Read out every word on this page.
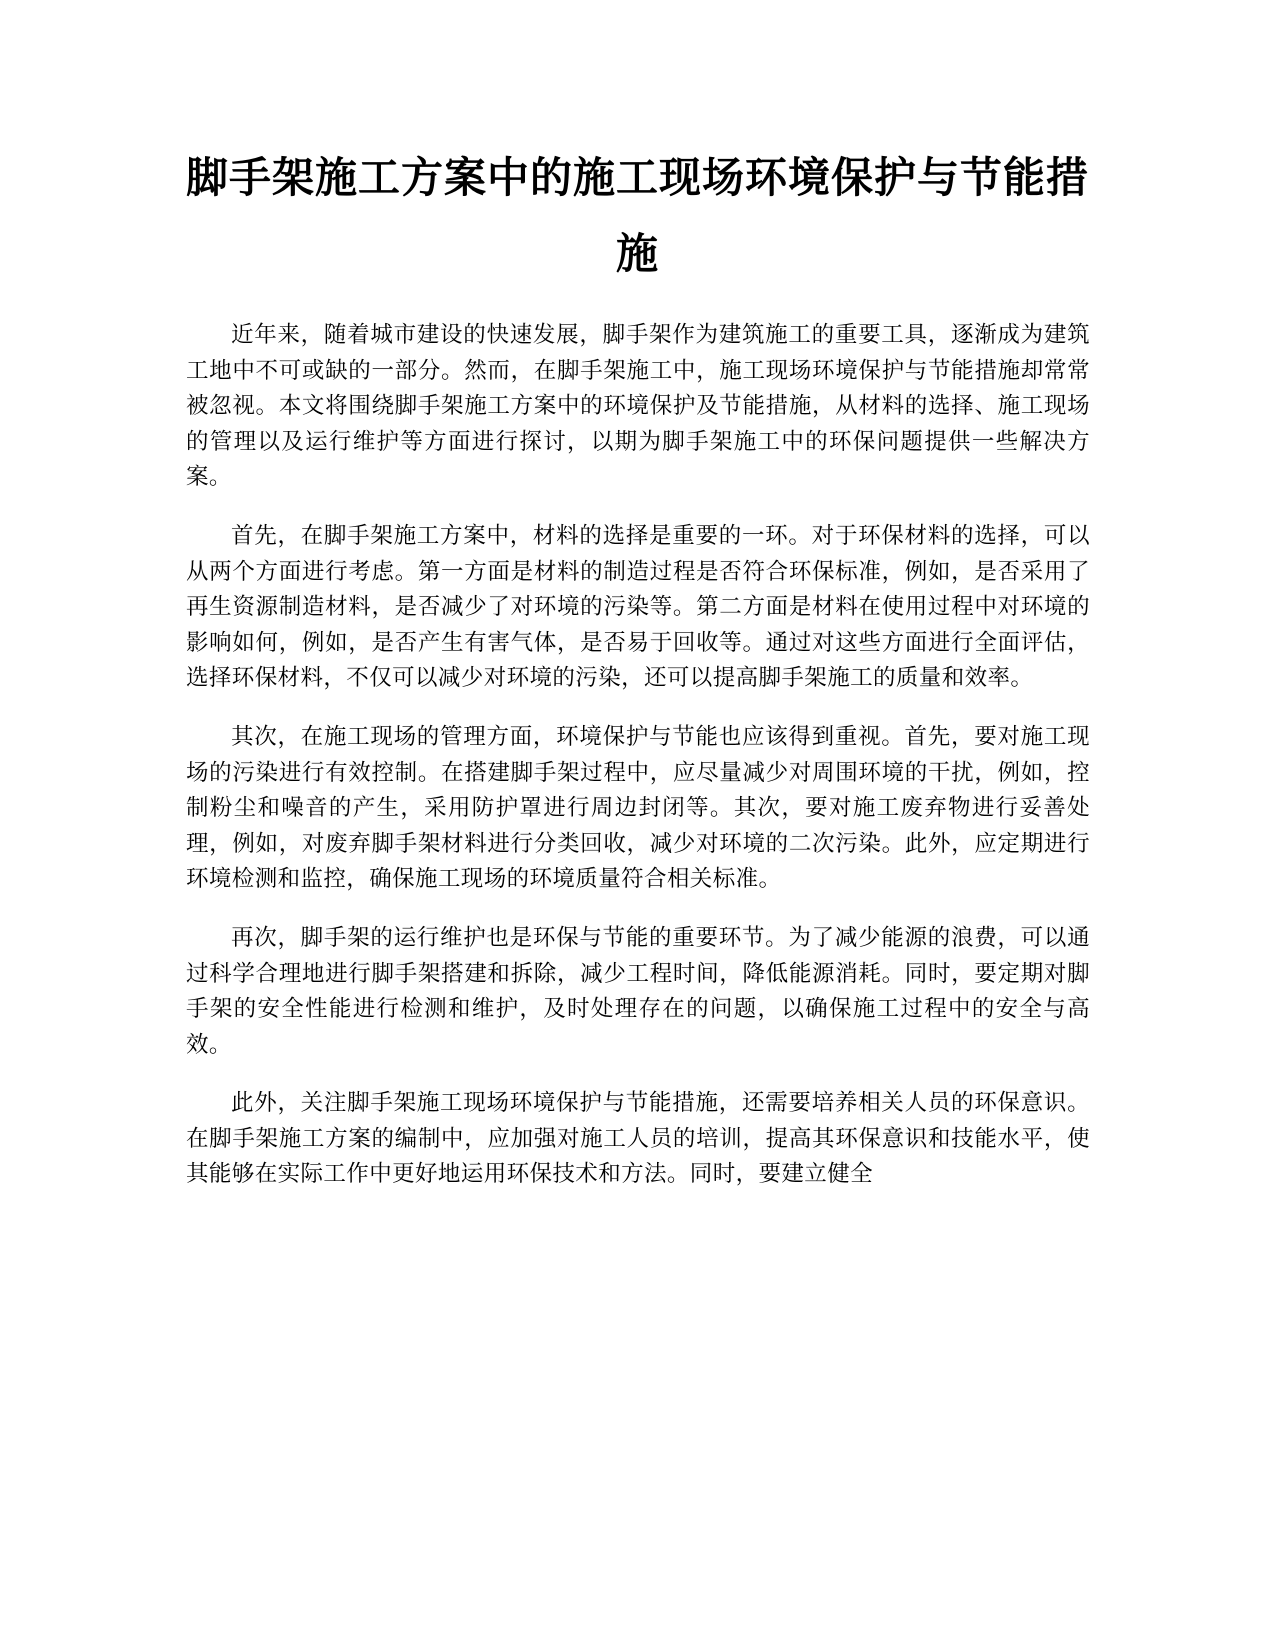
脚手架施工方案中的施工现场环境保护与节能措施

近年来，随着城市建设的快速发展，脚手架作为建筑施工的重要工具，逐渐成为建筑工地中不可或缺的一部分。然而，在脚手架施工中，施工现场环境保护与节能措施却常常被忽视。本文将围绕脚手架施工方案中的环境保护及节能措施，从材料的选择、施工现场的管理以及运行维护等方面进行探讨，以期为脚手架施工中的环保问题提供一些解决方案。

首先，在脚手架施工方案中，材料的选择是重要的一环。对于环保材料的选择，可以从两个方面进行考虑。第一方面是材料的制造过程是否符合环保标准，例如，是否采用了再生资源制造材料，是否减少了对环境的污染等。第二方面是材料在使用过程中对环境的影响如何，例如，是否产生有害气体，是否易于回收等。通过对这些方面进行全面评估，选择环保材料，不仅可以减少对环境的污染，还可以提高脚手架施工的质量和效率。

其次，在施工现场的管理方面，环境保护与节能也应该得到重视。首先，要对施工现场的污染进行有效控制。在搭建脚手架过程中，应尽量减少对周围环境的干扰，例如，控制粉尘和噪音的产生，采用防护罩进行周边封闭等。其次，要对施工废弃物进行妥善处理，例如，对废弃脚手架材料进行分类回收，减少对环境的二次污染。此外，应定期进行环境检测和监控，确保施工现场的环境质量符合相关标准。

再次，脚手架的运行维护也是环保与节能的重要环节。为了减少能源的浪费，可以通过科学合理地进行脚手架搭建和拆除，减少工程时间，降低能源消耗。同时，要定期对脚手架的安全性能进行检测和维护，及时处理存在的问题，以确保施工过程中的安全与高效。

此外，关注脚手架施工现场环境保护与节能措施，还需要培养相关人员的环保意识。在脚手架施工方案的编制中，应加强对施工人员的培训，提高其环保意识和技能水平，使其能够在实际工作中更好地运用环保技术和方法。同时，要建立健全
